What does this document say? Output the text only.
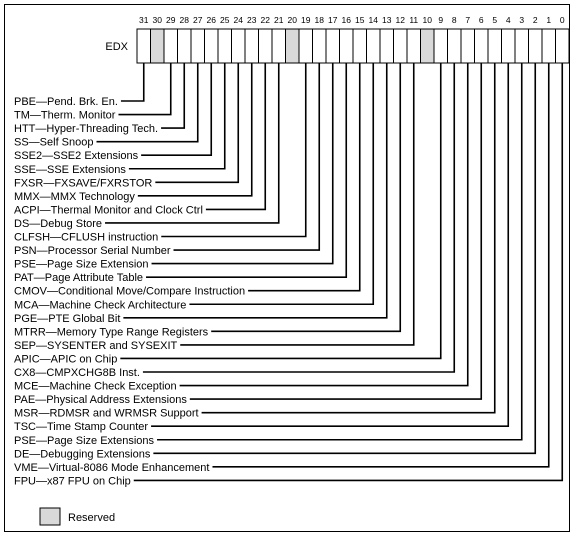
EDX
31 30 29 28 27 26 25 24 23 22 21 20 19 18 17 16 15 14 13 12 11 10 9 8 7 6 5 4 3 2 1 0
PBE—Pend. Brk. En.
TM—Therm. Monitor
HTT—Hyper-Threading Tech.
SS—Self Snoop
SSE2—SSE2 Extensions
SSE—SSE Extensions
FXSR—FXSAVE/FXRSTOR
MMX—MMX Technology
ACPI—Thermal Monitor and Clock Ctrl
DS—Debug Store
CLFSH—CFLUSH instruction
PSN—Processor Serial Number
PSE—Page Size Extension
PAT—Page Attribute Table
CMOV—Conditional Move/Compare Instruction
MCA—Machine Check Architecture
PGE—PTE Global Bit
MTRR—Memory Type Range Registers
SEP—SYSENTER and SYSEXIT
APIC—APIC on Chip
CX8—CMPXCHG8B Inst.
MCE—Machine Check Exception
PAE—Physical Address Extensions
MSR—RDMSR and WRMSR Support
TSC—Time Stamp Counter
PSE—Page Size Extensions
DE—Debugging Extensions
VME—Virtual-8086 Mode Enhancement
FPU—x87 FPU on Chip
Reserved
